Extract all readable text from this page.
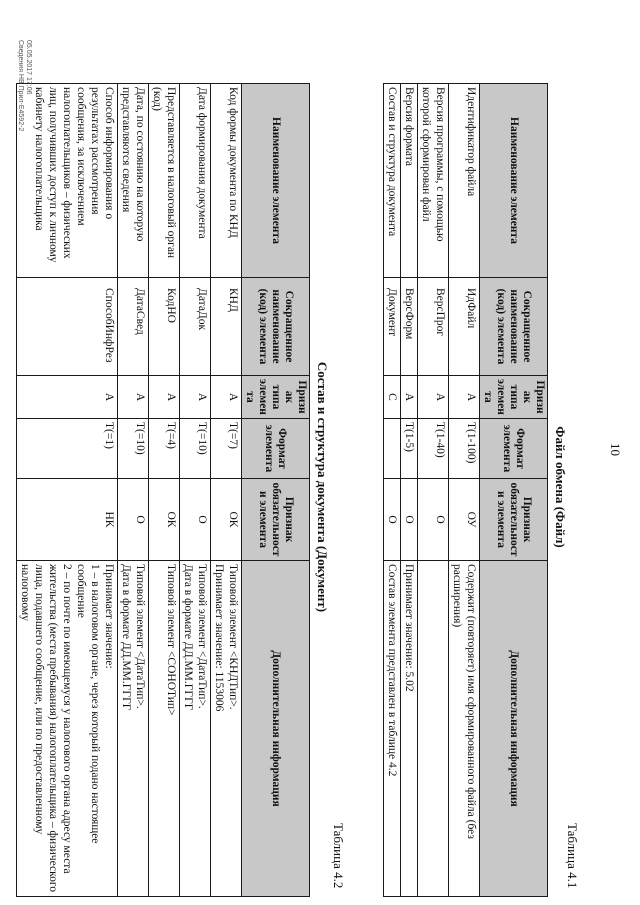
10
Таблица 4.1
Файл обмена (Файл)
Наименование элемента	Сокращенное наименование (код) элемента	Признак типа элемента	Формат элемента	Признак обязательности элемента	Дополнительная информация
Идентификатор файла	ИдФайл	А	Т(1-100)	ОУ	Содержит (повторяет) имя сформированного файла (без расширения)
Версия программы, с помощью которой сформирован файл	ВерсПрог	А	Т(1-40)	О	
Версия формата	ВерсФорм	А	Т(1-5)	О	Принимает значение: 5.02
Состав и структура документа	Документ	С		О	Состав элемента представлен в таблице 4.2
Таблица 4.2
Состав и структура документа (Документ)
Наименование элемента	Сокращенное наименование (код) элемента	Признак типа элемента	Формат элемента	Признак обязательности элемента	Дополнительная информация
Код формы документа по КНД	КНД	А	Т(=7)	ОК	Типовой элемент <КНДТип>.
Принимает значение: 1153006

Дата формирования документа	ДатаДок	А	Т(=10)	О	Типовой элемент <ДатаТип>.
Дата в формате ДД.ММ.ГГГГ

Представляется в налоговый орган (код)	КодНО	А	Т(=4)	ОК	Типовой элемент <СОНОТип>

Дата, по состоянию на которую представляются сведения	ДатаСвед	А	Т(=10)	О	Типовой элемент <ДатаТип>.
Дата в формате ДД.ММ.ГГГГ

Способ информирования о результатах рассмотрения сообщения, за исключением налогоплательщиков – физических лиц, получивших доступ к личному кабинету налогоплательщика	СпособИнфРез	А	Т(=1)	НК	Принимает значение:
1 – в налоговом органе, через который подано настоящее сообщение
2 – по почте по имеющемуся у налогового органа адресу места жительства (места пребывания) налогоплательщика – физического лица, подавшего сообщение, или по предоставленному налоговому
05.05.2017 17:06
Сведения НВ Прил-Е4592-2
